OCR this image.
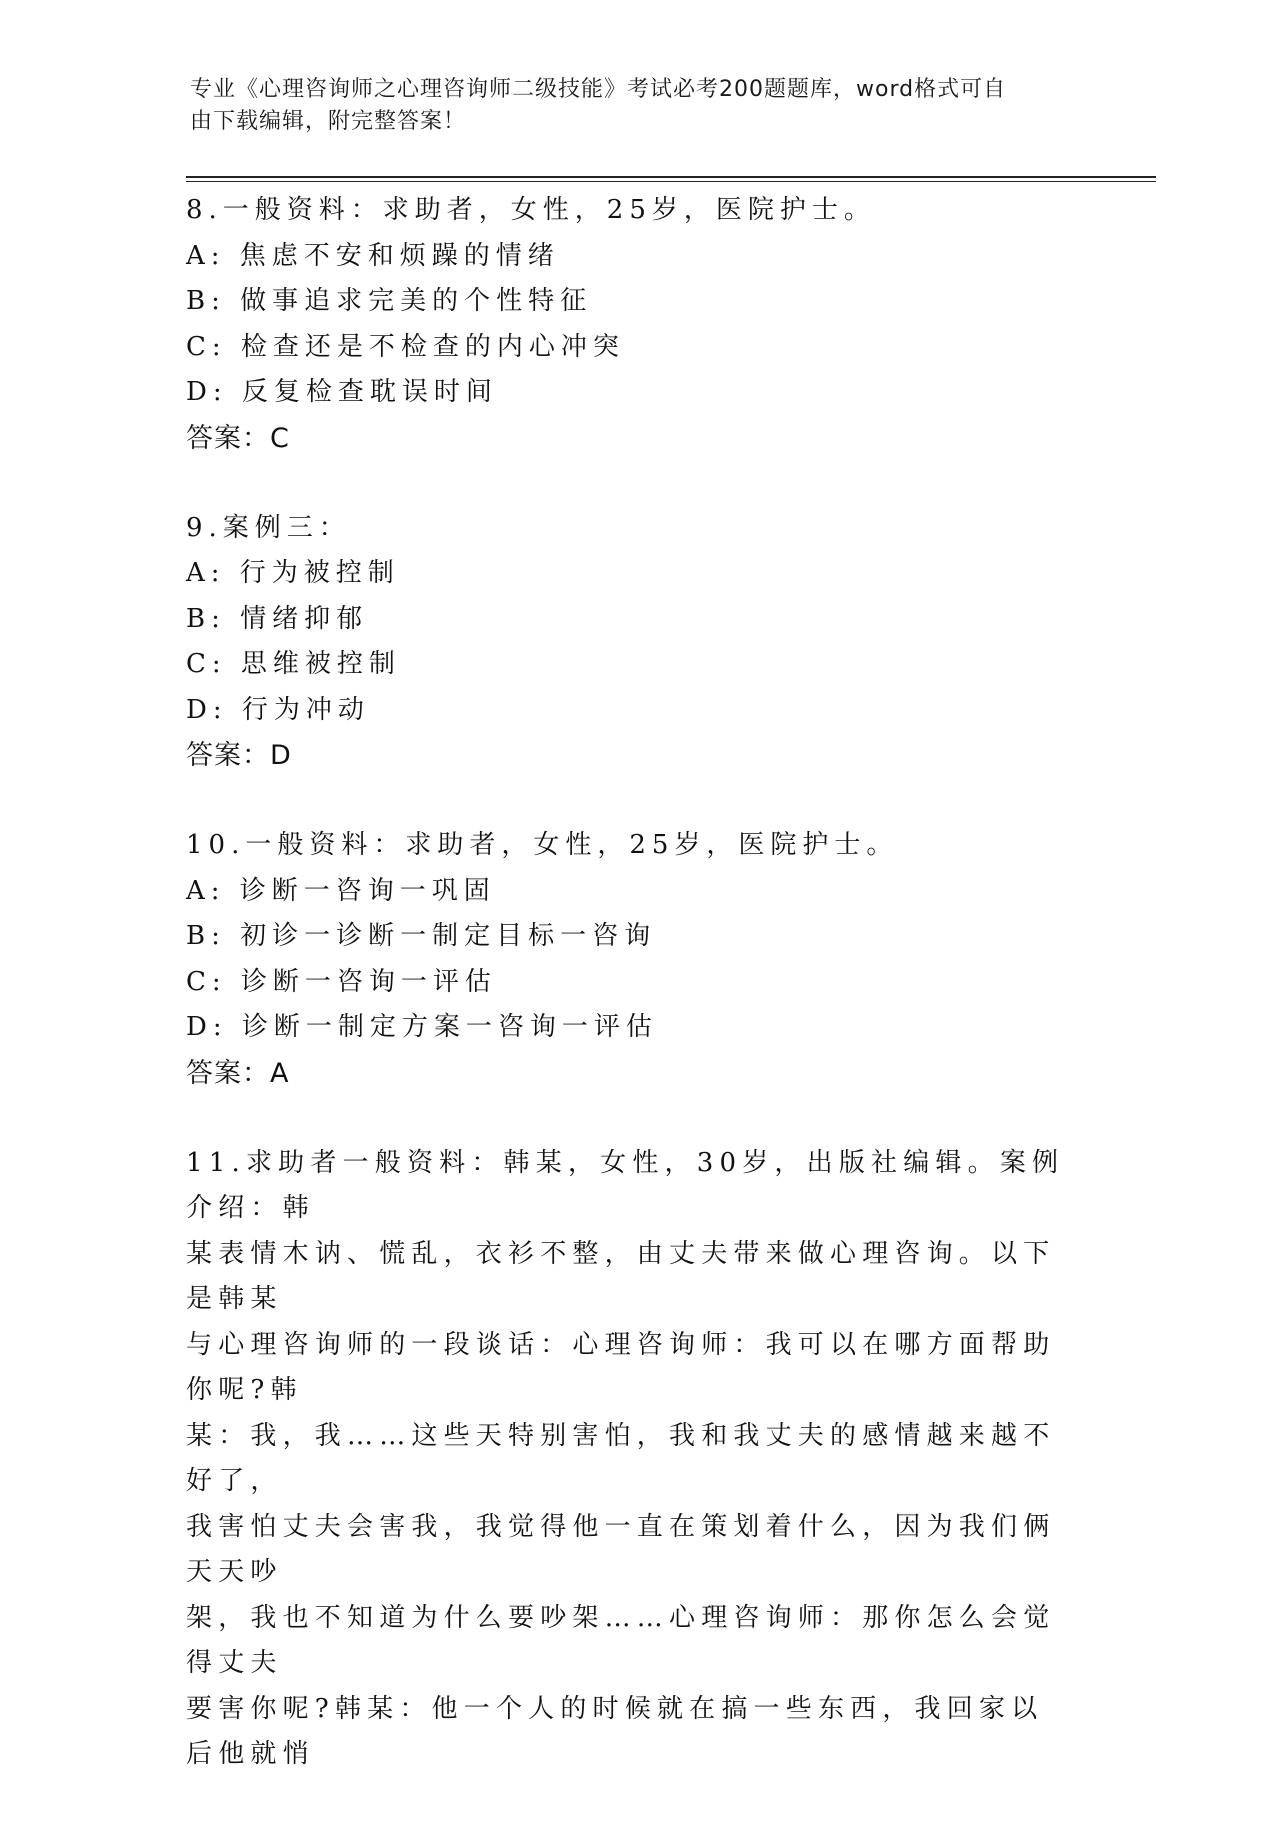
专业《心理咨询师之心理咨询师二级技能》考试必考200题题库，word格式可自
由下载编辑，附完整答案！
8.一般资料：求助者，女性，25岁，医院护士。
A: 焦虑不安和烦躁的情绪
B: 做事追求完美的个性特征
C: 检查还是不检查的内心冲突
D: 反复检查耽误时间
答案：C
9.案例三：
A: 行为被控制
B: 情绪抑郁
C: 思维被控制
D: 行为冲动
答案：D
10.一般资料：求助者，女性，25岁，医院护士。
A: 诊断一咨询一巩固
B: 初诊一诊断一制定目标一咨询
C: 诊断一咨询一评估
D: 诊断一制定方案一咨询一评估
答案：A
11.求助者一般资料：韩某，女性，30岁，出版社编辑。案例介绍：韩
某表情木讷、慌乱，衣衫不整，由丈夫带来做心理咨询。以下是韩某
与心理咨询师的一段谈话：心理咨询师：我可以在哪方面帮助你呢?韩
某：我，我……这些天特别害怕，我和我丈夫的感情越来越不好了，
我害怕丈夫会害我，我觉得他一直在策划着什么，因为我们俩天天吵
架，我也不知道为什么要吵架……心理咨询师：那你怎么会觉得丈夫
要害你呢?韩某：他一个人的时候就在搞一些东西，我回家以后他就悄
